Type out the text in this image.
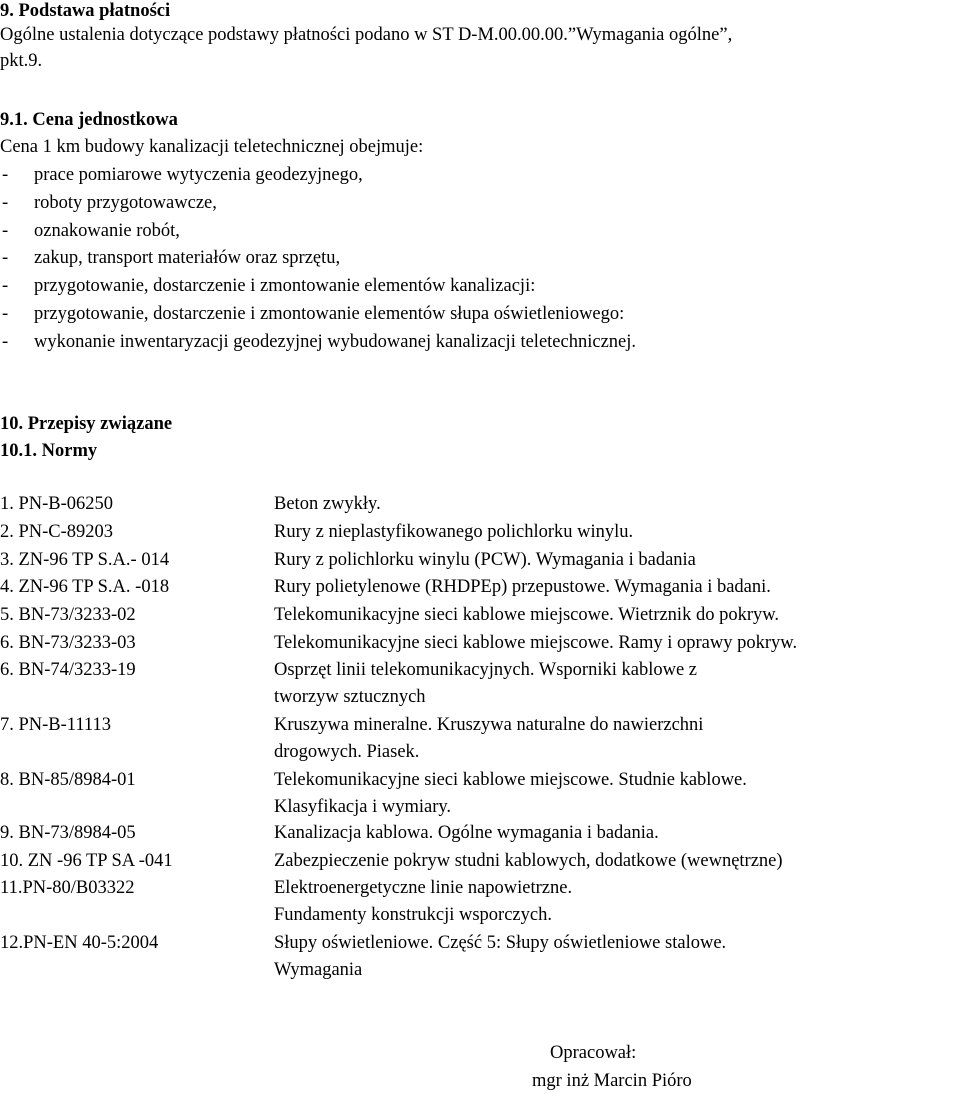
9. Podstawa płatności
Ogólne ustalenia dotyczące podstawy płatności podano w ST D-M.00.00.00.”Wymagania ogólne”,
pkt.9.
9.1. Cena jednostkowa
Cena 1 km budowy kanalizacji teletechnicznej obejmuje:
- prace pomiarowe wytyczenia geodezyjnego,
- roboty przygotowawcze,
- oznakowanie robót,
- zakup, transport materiałów oraz sprzętu,
- przygotowanie, dostarczenie i zmontowanie elementów kanalizacji:
- przygotowanie, dostarczenie i zmontowanie elementów słupa oświetleniowego:
- wykonanie inwentaryzacji geodezyjnej wybudowanej kanalizacji teletechnicznej.
10. Przepisy związane
10.1. Normy
1. PN-B-06250	Beton zwykły.
2. PN-C-89203	Rury z nieplastyfikowanego polichlorku winylu.
3. ZN-96 TP S.A.- 014	Rury z polichlorku winylu (PCW). Wymagania i badania
4. ZN-96 TP S.A. -018	Rury polietylenowe (RHDPEp) przepustowe. Wymagania i badani.
5. BN-73/3233-02	Telekomunikacyjne sieci kablowe miejscowe. Wietrznik do pokryw.
6. BN-73/3233-03	Telekomunikacyjne sieci kablowe miejscowe. Ramy i oprawy pokryw.
6. BN-74/3233-19	Osprzęt linii telekomunikacyjnych. Wsporniki kablowe z
tworzyw sztucznych
7. PN-B-11113	Kruszywa mineralne. Kruszywa naturalne do nawierzchni
drogowych. Piasek.
8. BN-85/8984-01	Telekomunikacyjne sieci kablowe miejscowe. Studnie kablowe.
Klasyfikacja i wymiary.
9. BN-73/8984-05	Kanalizacja kablowa. Ogólne wymagania i badania.
10. ZN -96 TP SA -041	Zabezpieczenie pokryw studni kablowych, dodatkowe (wewnętrzne)
11.PN-80/B03322	Elektroenergetyczne linie napowietrzne.
Fundamenty konstrukcji wsporczych.
12.PN-EN 40-5:2004	Słupy oświetleniowe. Część 5: Słupy oświetleniowe stalowe.
Wymagania
Opracował:
mgr inż Marcin Pióro
